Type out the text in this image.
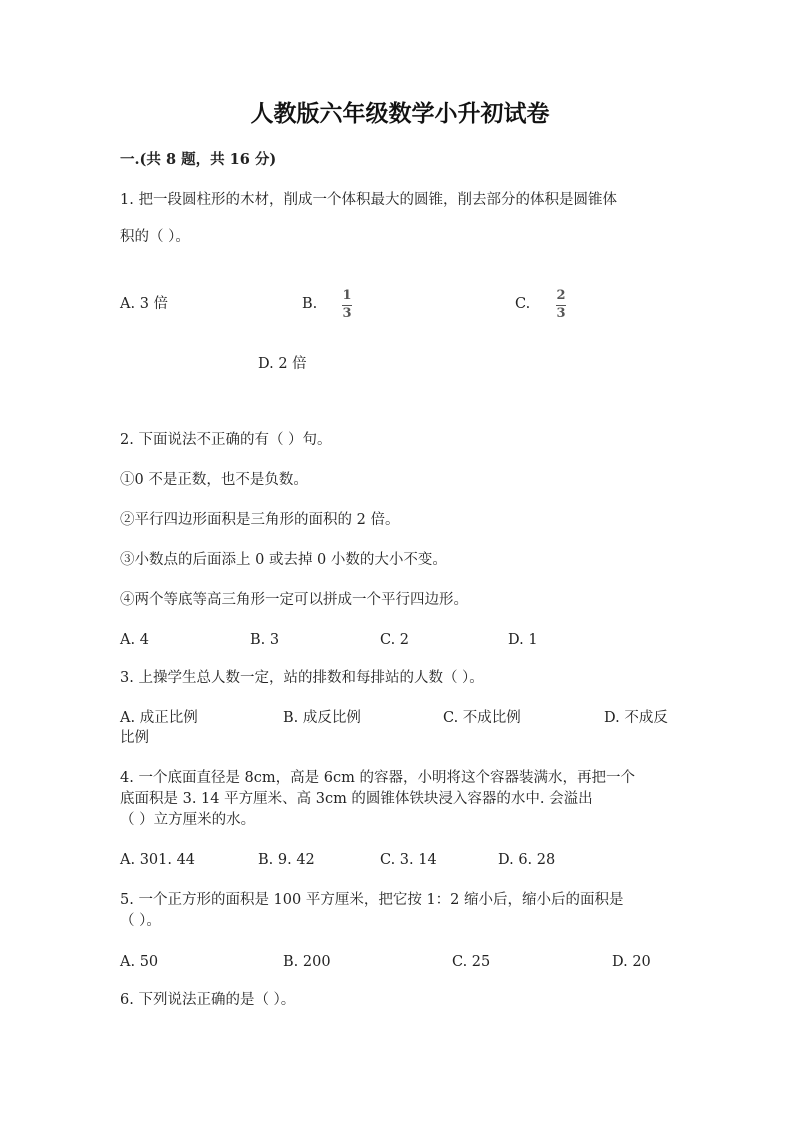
人教版六年级数学小升初试卷
一.(共 8 题，共 16 分)
1. 把一段圆柱形的木材，削成一个体积最大的圆锥，削去部分的体积是圆锥体
积的（ ）。
A. 3 倍	B.
1
3
C.
2
3
D. 2 倍
2. 下面说法不正确的有（ ）句。
①0 不是正数，也不是负数。
②平行四边形面积是三角形的面积的 2 倍。
③小数点的后面添上 0 或去掉 0 小数的大小不变。
④两个等底等高三角形一定可以拼成一个平行四边形。
A. 4	B. 3	C. 2	D. 1
3. 上操学生总人数一定，站的排数和每排站的人数（ ）。
A. 成正比例	B. 成反比例	C. 不成比例	D. 不成反
比例
4. 一个底面直径是 8cm，高是 6cm 的容器，小明将这个容器装满水，再把一个
底面积是 3. 14 平方厘米、高 3cm 的圆锥体铁块浸入容器的水中. 会溢出
（ ）立方厘米的水。
A. 301. 44	B. 9. 42	C. 3. 14	D. 6. 28
5. 一个正方形的面积是 100 平方厘米，把它按 1：2 缩小后，缩小后的面积是
（ ）。
A. 50	B. 200	C. 25	D. 20
6. 下列说法正确的是（ ）。
